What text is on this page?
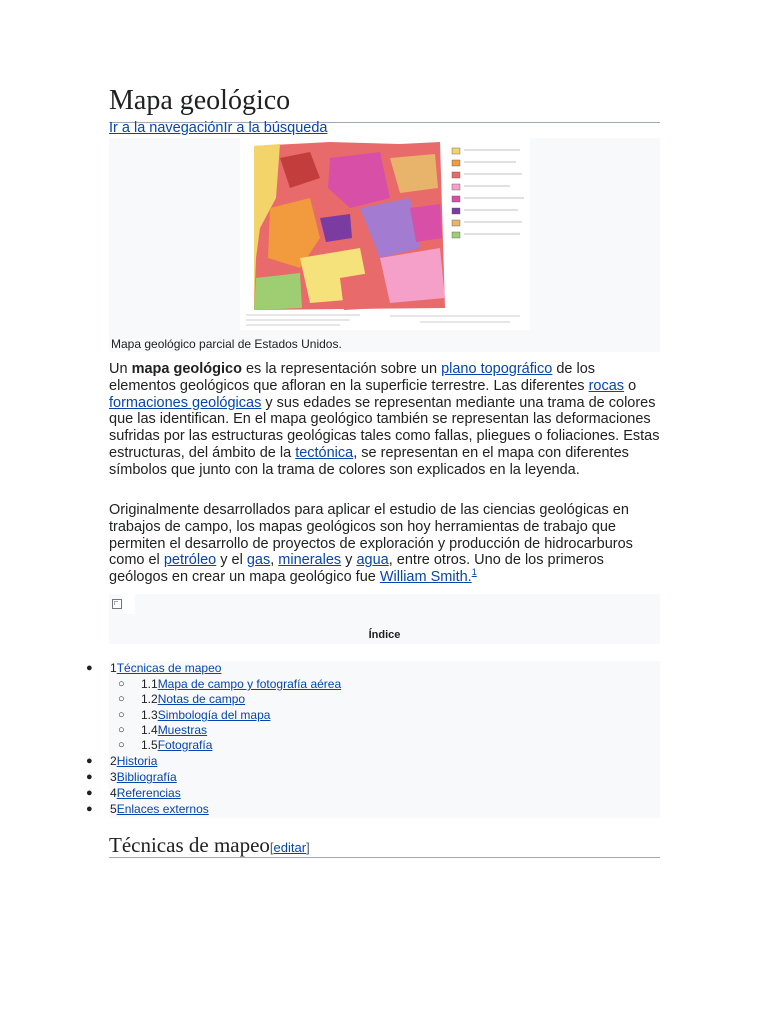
Mapa geológico
Ir a la navegaciónIr a la búsqueda
Mapa geológico parcial de Estados Unidos.

Un mapa geológico es la representación sobre un plano topográfico de los elementos geológicos que afloran en la superficie terrestre. Las diferentes rocas o formaciones geológicas y sus edades se representan mediante una trama de colores que las identifican. En el mapa geológico también se representan las deformaciones sufridas por las estructuras geológicas tales como fallas, pliegues o foliaciones. Estas estructuras, del ámbito de la tectónica, se representan en el mapa con diferentes símbolos que junto con la trama de colores son explicados en la leyenda.

Originalmente desarrollados para aplicar el estudio de las ciencias geológicas en trabajos de campo, los mapas geológicos son hoy herramientas de trabajo que permiten el desarrollo de proyectos de exploración y producción de hidrocarburos como el petróleo y el gas, minerales y agua, entre otros. Uno de los primeros geólogos en crear un mapa geológico fue William Smith.$^1$

Índice
● 1Técnicas de mapeo
○ 1.1Mapa de campo y fotografía aérea
○ 1.2Notas de campo
○ 1.3Simbología del mapa
○ 1.4Muestras
○ 1.5Fotografía
● 2Historia
● 3Bibliografía
● 4Referencias
● 5Enlaces externos
Técnicas de mapeo[editar]
